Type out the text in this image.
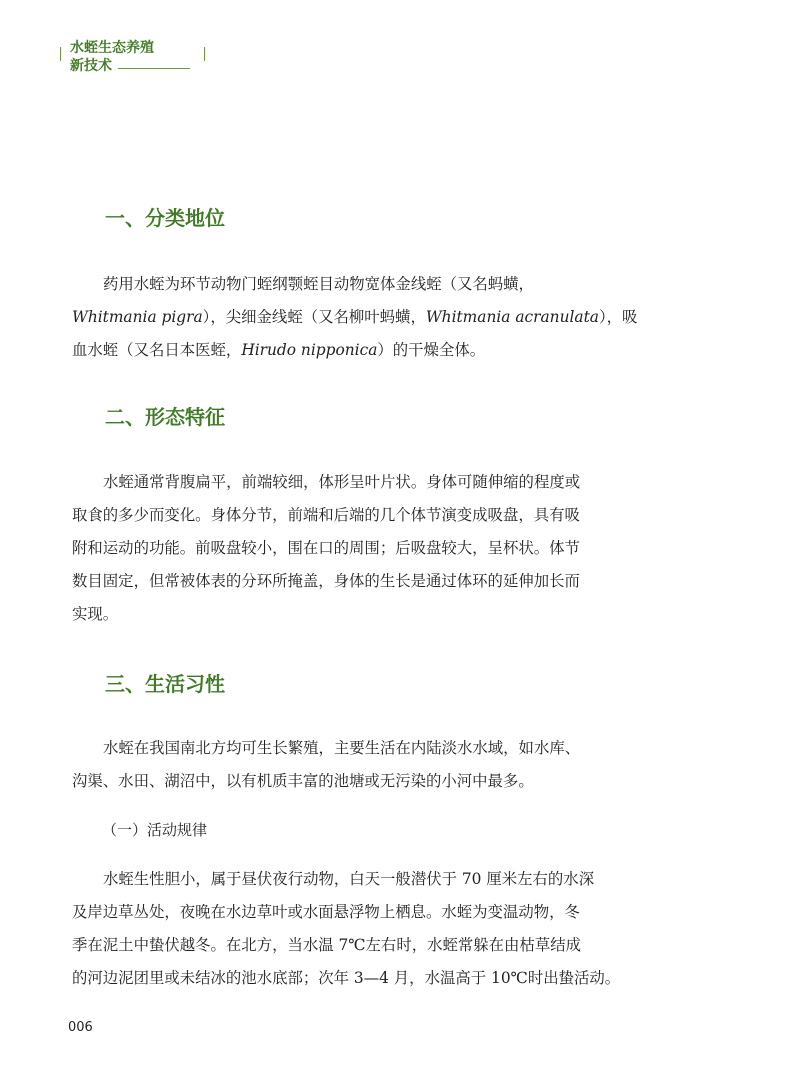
水蛭生态养殖
新技术
一、分类地位
药用水蛭为环节动物门蛭纲颚蛭目动物宽体金线蛭（又名蚂蟥，
Whitmania pigra），尖细金线蛭（又名柳叶蚂蟥，Whitmania acranulata），吸
血水蛭（又名日本医蛭，Hirudo nipponica）的干燥全体。
二、形态特征
水蛭通常背腹扁平，前端较细，体形呈叶片状。身体可随伸缩的程度或
取食的多少而变化。身体分节，前端和后端的几个体节演变成吸盘，具有吸
附和运动的功能。前吸盘较小，围在口的周围；后吸盘较大，呈杯状。体节
数目固定，但常被体表的分环所掩盖，身体的生长是通过体环的延伸加长而
实现。
三、生活习性
水蛭在我国南北方均可生长繁殖，主要生活在内陆淡水水域，如水库、
沟渠、水田、湖沼中，以有机质丰富的池塘或无污染的小河中最多。
（一）活动规律
水蛭生性胆小，属于昼伏夜行动物，白天一般潜伏于 70 厘米左右的水深
及岸边草丛处，夜晚在水边草叶或水面悬浮物上栖息。水蛭为变温动物，冬
季在泥土中蛰伏越冬。在北方，当水温 7℃左右时，水蛭常躲在由枯草结成
的河边泥团里或未结冰的池水底部；次年 3—4 月，水温高于 10℃时出蛰活动。
006
